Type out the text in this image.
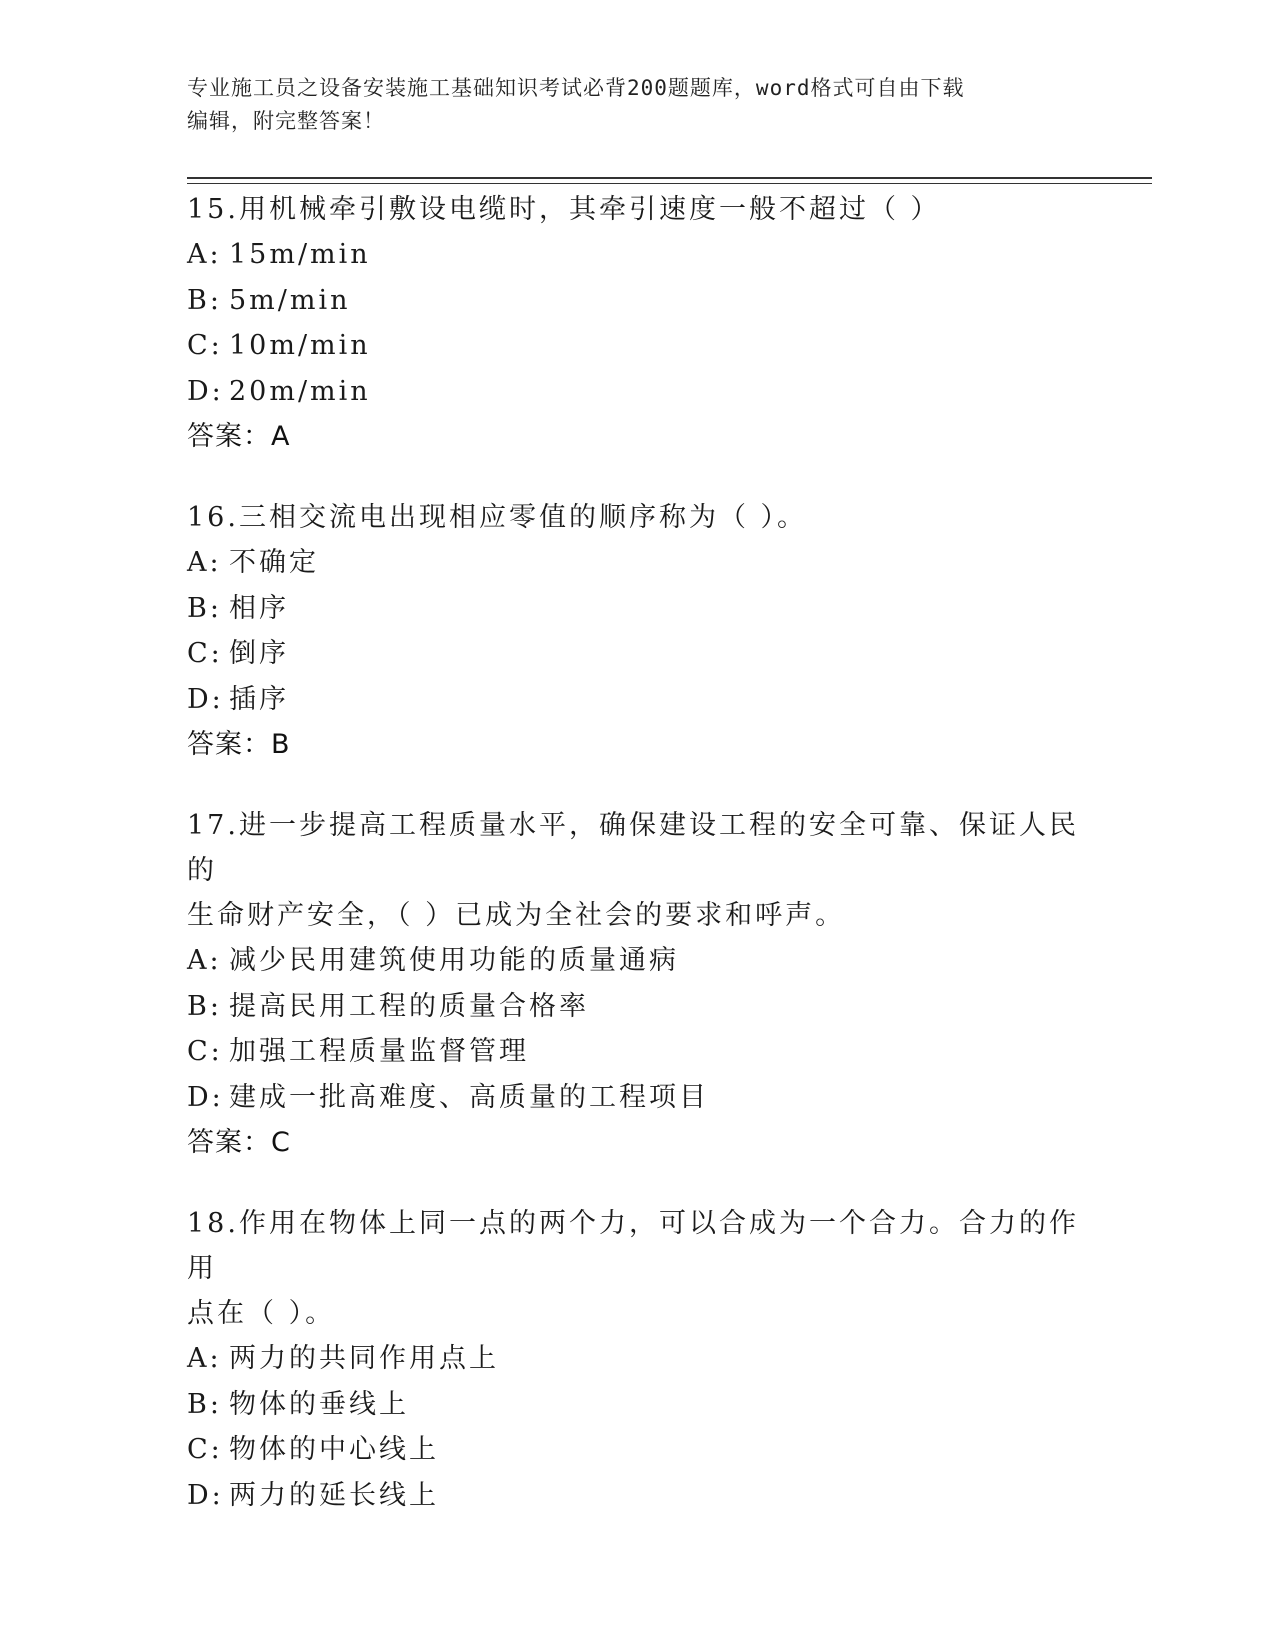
专业施工员之设备安装施工基础知识考试必背200题题库，word格式可自由下载
编辑，附完整答案！

15.用机械牵引敷设电缆时，其牵引速度一般不超过（ ）

A: 15m/min

B: 5m/min

C: 10m/min

D: 20m/min

答案：A

16.三相交流电出现相应零值的顺序称为（ ）。

A: 不确定

B: 相序

C: 倒序

D: 插序

答案：B

17.进一步提高工程质量水平，确保建设工程的安全可靠、保证人民的

生命财产安全，（ ）已成为全社会的要求和呼声。

A: 减少民用建筑使用功能的质量通病

B: 提高民用工程的质量合格率

C: 加强工程质量监督管理

D: 建成一批高难度、高质量的工程项目

答案：C

18.作用在物体上同一点的两个力，可以合成为一个合力。合力的作用

点在（ ）。

A: 两力的共同作用点上

B: 物体的垂线上

C: 物体的中心线上

D: 两力的延长线上
